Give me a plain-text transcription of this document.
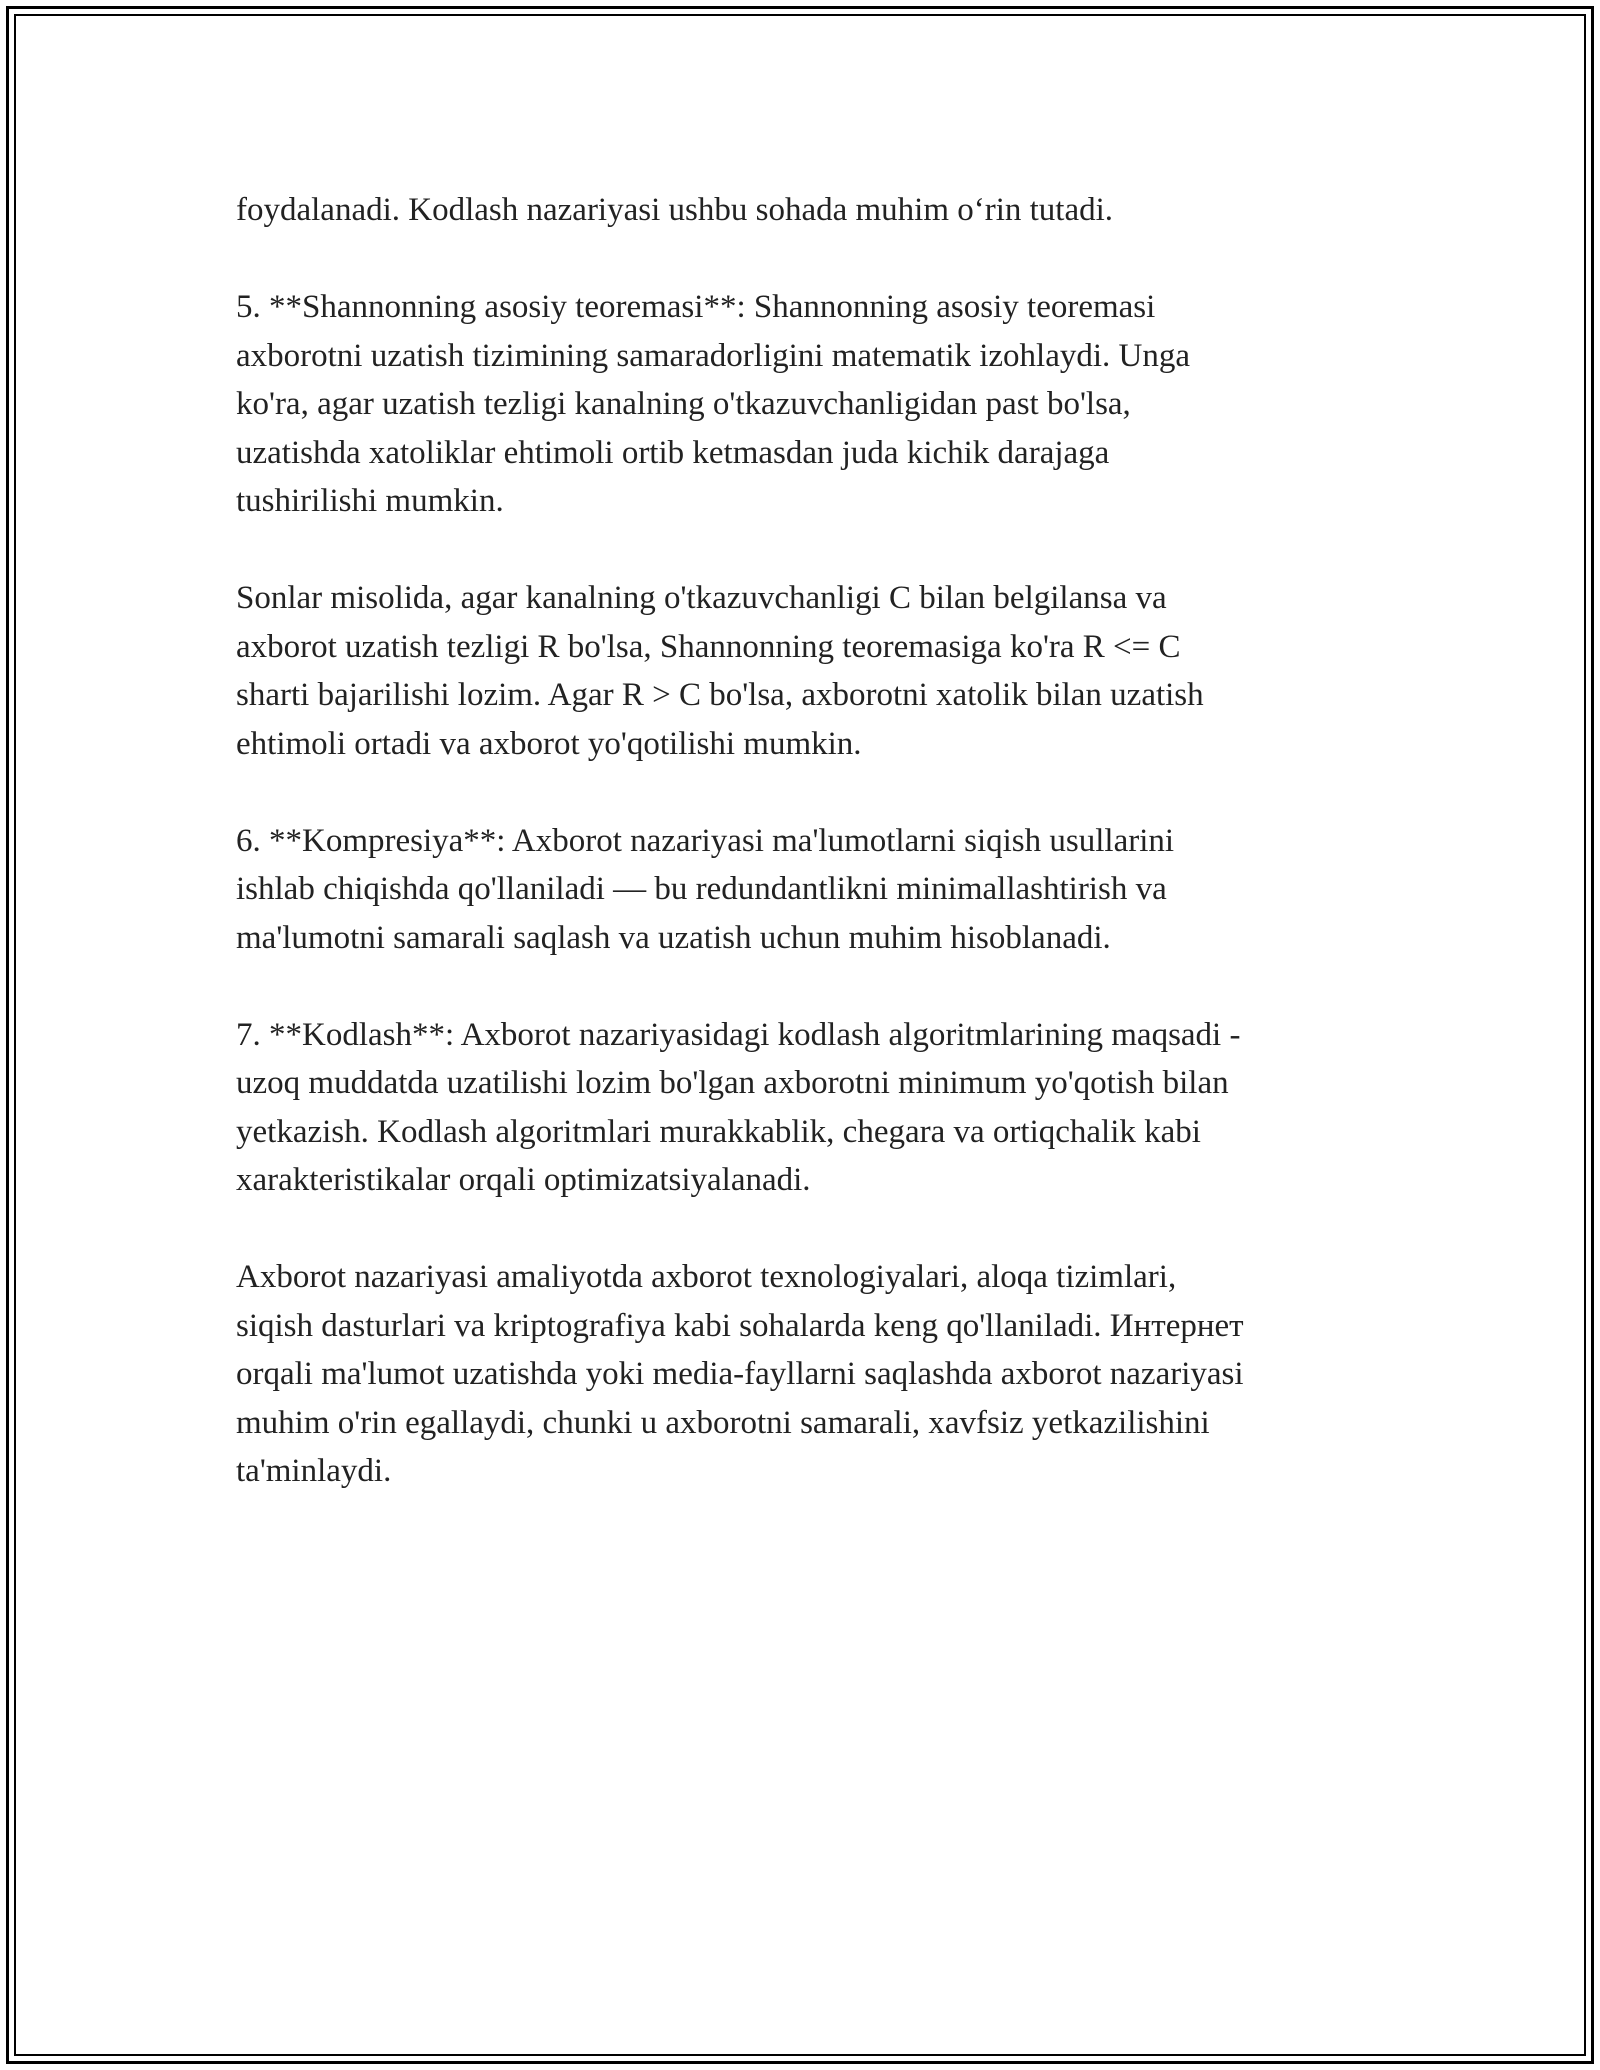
foydalanadi. Kodlash nazariyasi ushbu sohada muhim o‘rin tutadi.

5. **Shannonning asosiy teoremasi**: Shannonning asosiy teoremasi
axborotni uzatish tizimining samaradorligini matematik izohlaydi. Unga
ko'ra, agar uzatish tezligi kanalning o'tkazuvchanligidan past bo'lsa,
uzatishda xatoliklar ehtimoli ortib ketmasdan juda kichik darajaga
tushirilishi mumkin.

Sonlar misolida, agar kanalning o'tkazuvchanligi C bilan belgilansa va
axborot uzatish tezligi R bo'lsa, Shannonning teoremasiga ko'ra R <= C
sharti bajarilishi lozim. Agar R > C bo'lsa, axborotni xatolik bilan uzatish
ehtimoli ortadi va axborot yo'qotilishi mumkin.

6. **Kompresiya**: Axborot nazariyasi ma'lumotlarni siqish usullarini
ishlab chiqishda qo'llaniladi — bu redundantlikni minimallashtirish va
ma'lumotni samarali saqlash va uzatish uchun muhim hisoblanadi.

7. **Kodlash**: Axborot nazariyasidagi kodlash algoritmlarining maqsadi -
uzoq muddatda uzatilishi lozim bo'lgan axborotni minimum yo'qotish bilan
yetkazish. Kodlash algoritmlari murakkablik, chegara va ortiqchalik kabi
xarakteristikalar orqali optimizatsiyalanadi.

Axborot nazariyasi amaliyotda axborot texnologiyalari, aloqa tizimlari,
siqish dasturlari va kriptografiya kabi sohalarda keng qo'llaniladi. Интернет
orqali ma'lumot uzatishda yoki media-fayllarni saqlashda axborot nazariyasi
muhim o'rin egallaydi, chunki u axborotni samarali, xavfsiz yetkazilishini
ta'minlaydi.
